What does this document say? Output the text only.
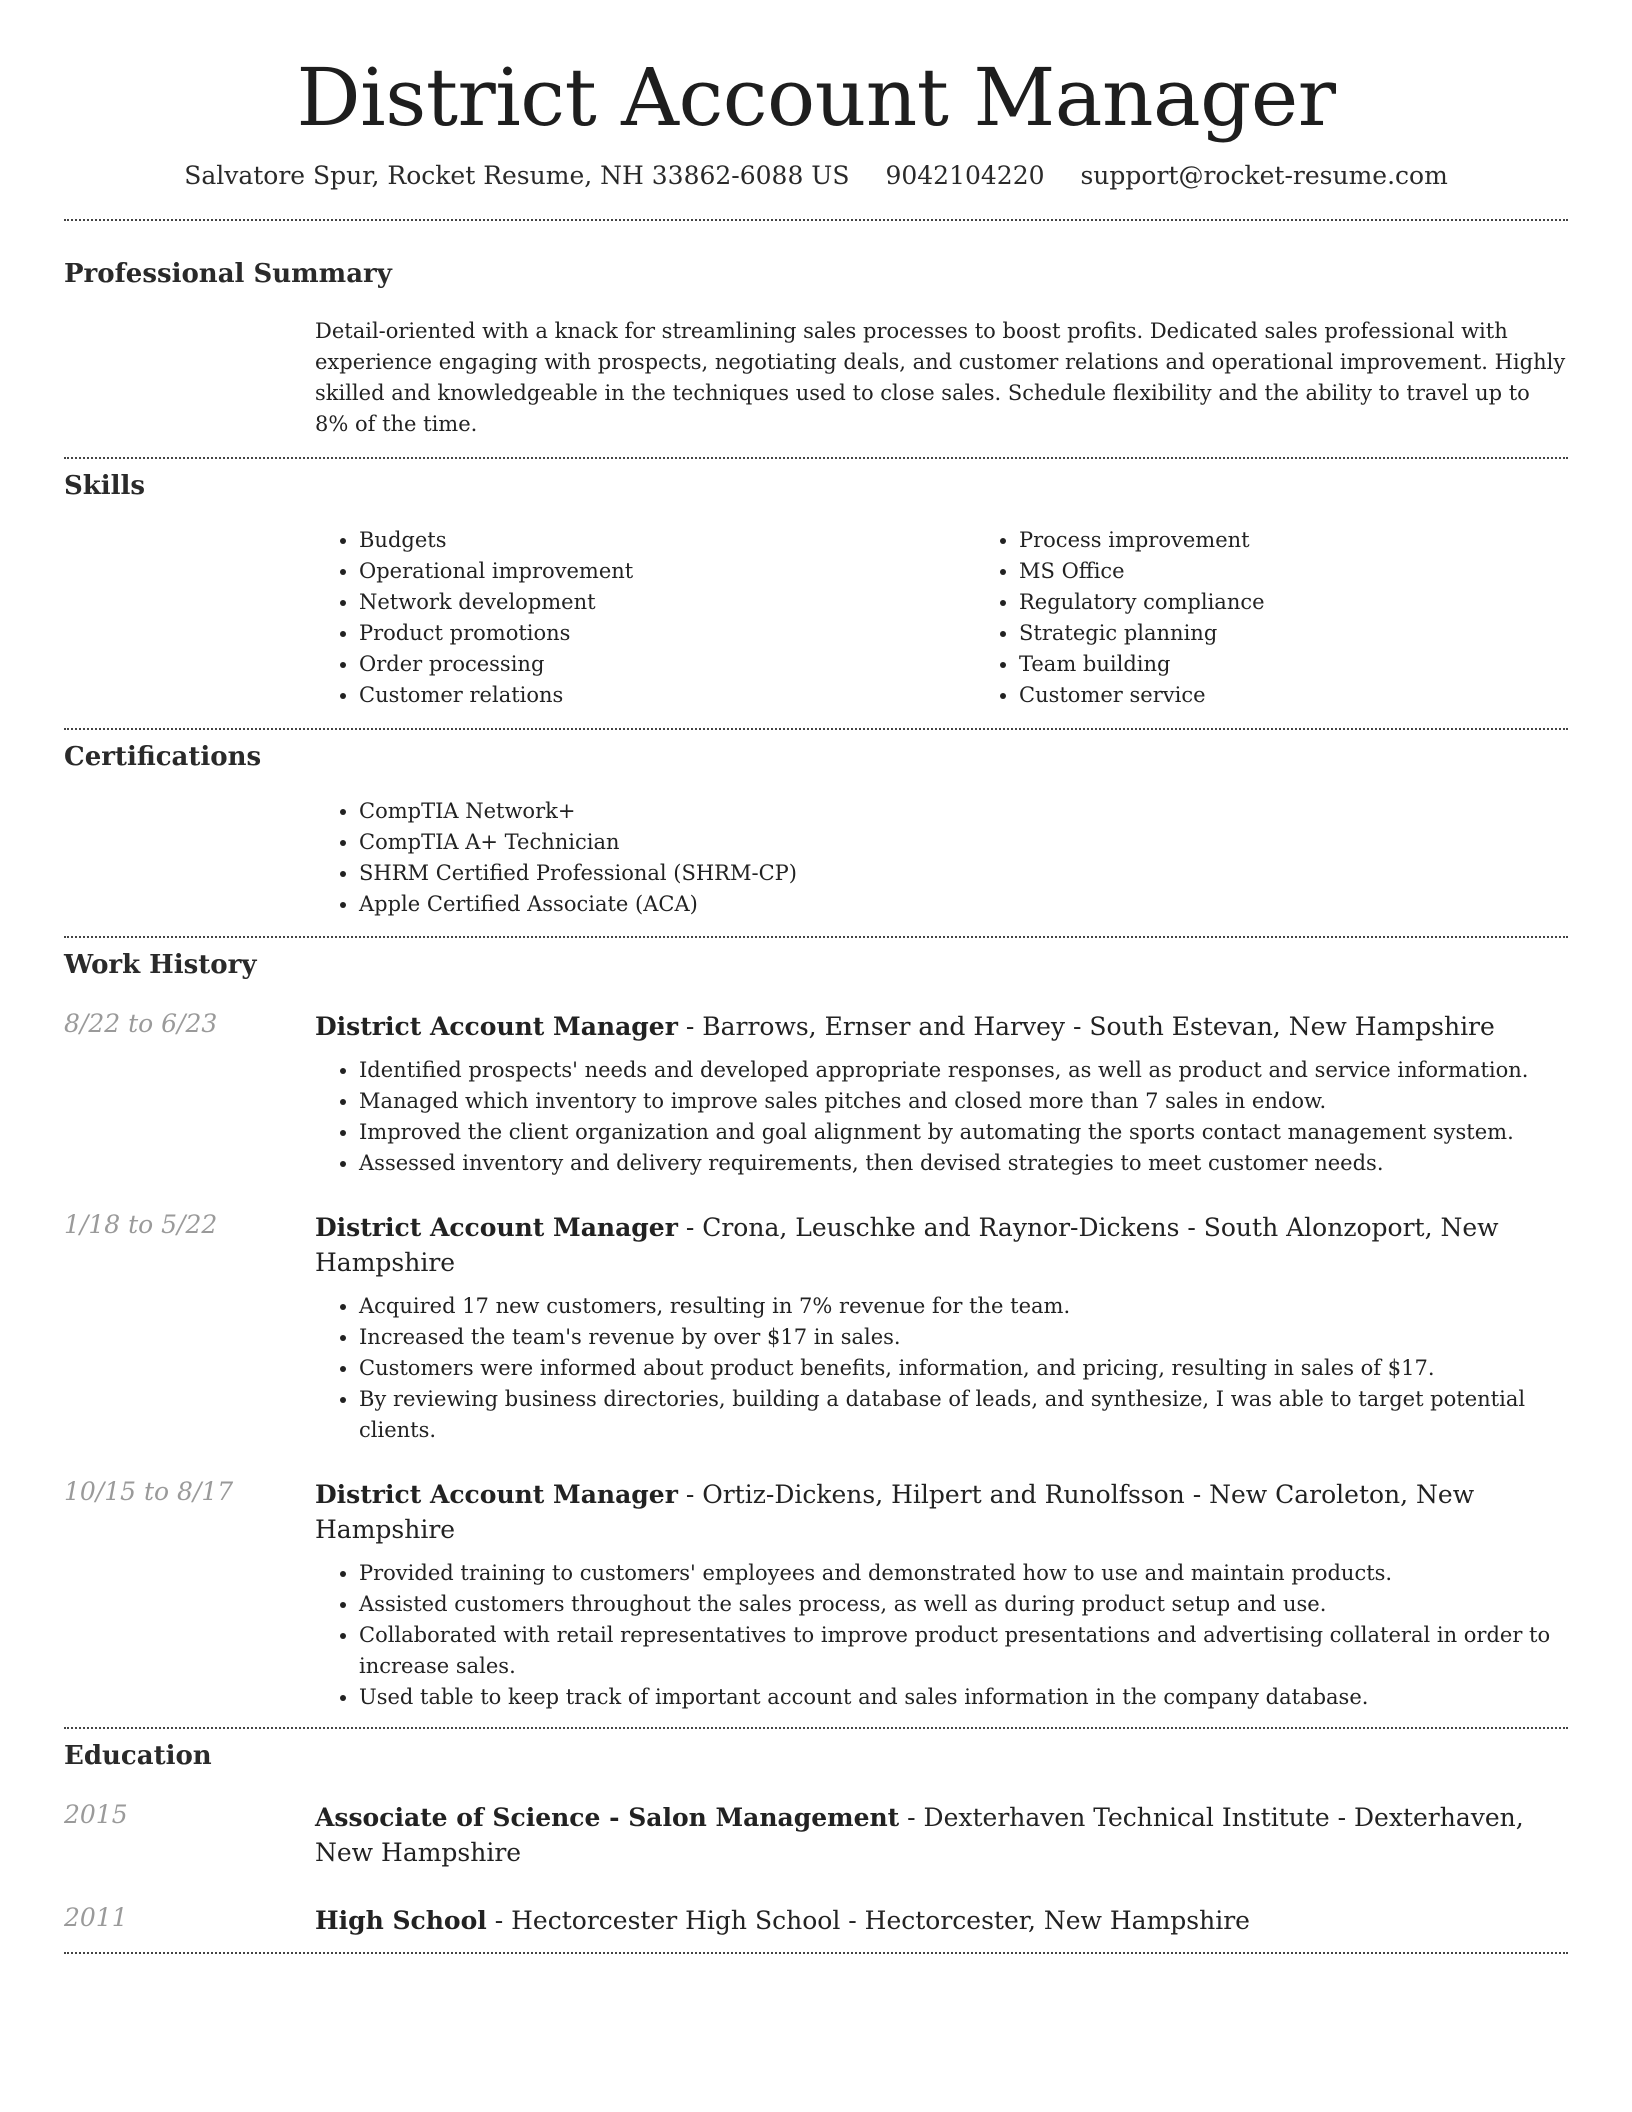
District Account Manager
Salvatore Spur, Rocket Resume, NH 33862-6088 US 9042104220 support@rocket-resume.com
Professional Summary

Detail-oriented with a knack for streamlining sales processes to boost profits. Dedicated sales professional with experience engaging with prospects, negotiating deals, and customer relations and operational improvement. Highly skilled and knowledgeable in the techniques used to close sales. Schedule flexibility and the ability to travel up to 8% of the time.

Skills
• Budgets
• Operational improvement
• Network development
• Product promotions
• Order processing
• Customer relations
• Process improvement
• MS Office
• Regulatory compliance
• Strategic planning
• Team building
• Customer service
Certifications
• CompTIA Network+
• CompTIA A+ Technician
• SHRM Certified Professional (SHRM-CP)
• Apple Certified Associate (ACA)
Work History
8/22 to 6/23	District Account Manager - Barrows, Ernser and Harvey - South Estevan, New Hampshire

• Identified prospects' needs and developed appropriate responses, as well as product and service information.
• Managed which inventory to improve sales pitches and closed more than 7 sales in endow.
• Improved the client organization and goal alignment by automating the sports contact management system.
• Assessed inventory and delivery requirements, then devised strategies to meet customer needs.
1/18 to 5/22	District Account Manager - Crona, Leuschke and Raynor-Dickens - South Alonzoport, New Hampshire

• Acquired 17 new customers, resulting in 7% revenue for the team.
• Increased the team's revenue by over $17 in sales.
• Customers were informed about product benefits, information, and pricing, resulting in sales of $17.
• By reviewing business directories, building a database of leads, and synthesize, I was able to target potential clients.
10/15 to 8/17	District Account Manager - Ortiz-Dickens, Hilpert and Runolfsson - New Caroleton, New Hampshire

• Provided training to customers' employees and demonstrated how to use and maintain products.
• Assisted customers throughout the sales process, as well as during product setup and use.
• Collaborated with retail representatives to improve product presentations and advertising collateral in order to increase sales.
• Used table to keep track of important account and sales information in the company database.
Education
2015	Associate of Science - Salon Management - Dexterhaven Technical Institute - Dexterhaven, New Hampshire

2011	High School - Hectorcester High School - Hectorcester, New Hampshire
